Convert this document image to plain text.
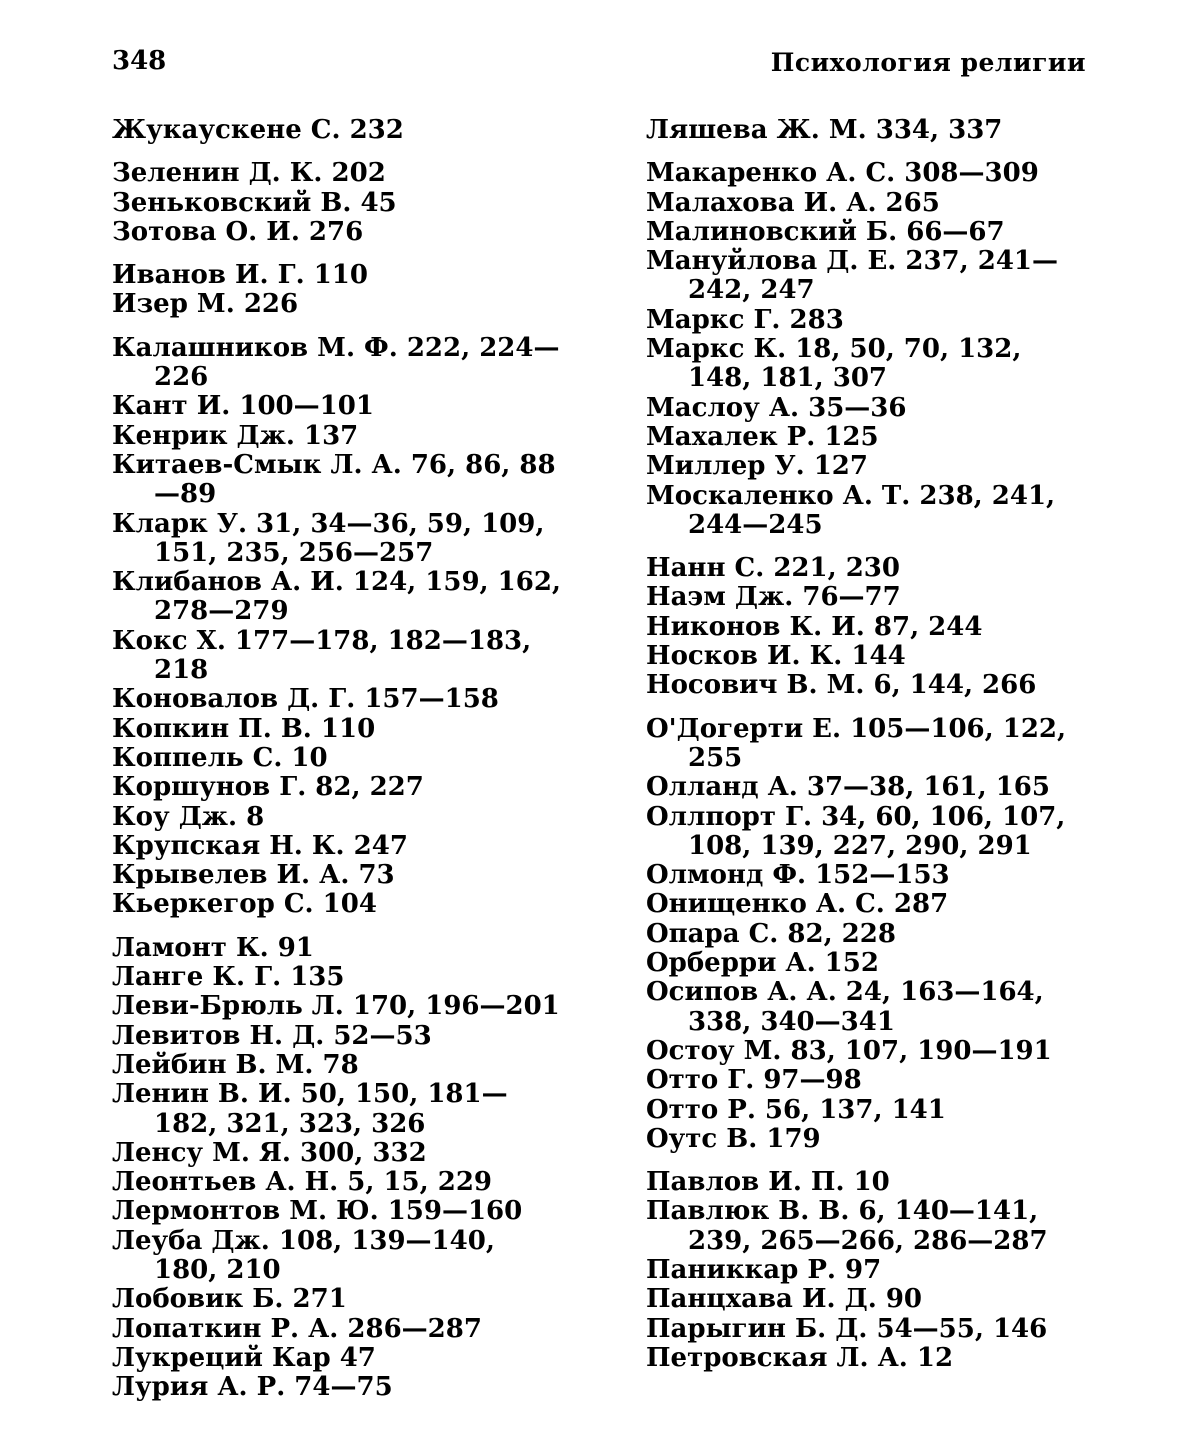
348	Психология религии
Жукаускене С. 232
Зеленин Д. К. 202
Зеньковский В. 45
Зотова О. И. 276
Иванов И. Г. 110
Изер М. 226
Калашников М. Ф. 222, 224—226
Кант И. 100—101
Кенрик Дж. 137
Китаев-Смык Л. А. 76, 86, 88—89
Кларк У. 31, 34—36, 59, 109, 151, 235, 256—257
Клибанов А. И. 124, 159, 162, 278—279
Кокс Х. 177—178, 182—183, 218
Коновалов Д. Г. 157—158
Копкин П. В. 110
Коппель С. 10
Коршунов Г. 82, 227
Коу Дж. 8
Крупская Н. К. 247
Крывелев И. А. 73
Кьеркегор С. 104
Ламонт К. 91
Ланге К. Г. 135
Леви-Брюль Л. 170, 196—201
Левитов Н. Д. 52—53
Лейбин В. М. 78
Ленин В. И. 50, 150, 181—182, 321, 323, 326
Ленсу М. Я. 300, 332
Леонтьев А. Н. 5, 15, 229
Лермонтов М. Ю. 159—160
Леуба Дж. 108, 139—140, 180, 210
Лобовик Б. 271
Лопаткин Р. А. 286—287
Лукреций Кар 47
Лурия А. Р. 74—75
Ляшева Ж. М. 334, 337
Макаренко А. С. 308—309
Малахова И. А. 265
Малиновский Б. 66—67
Мануйлова Д. Е. 237, 241—242, 247
Маркс Г. 283
Маркс К. 18, 50, 70, 132, 148, 181, 307
Маслоу А. 35—36
Махалек Р. 125
Миллер У. 127
Москаленко А. Т. 238, 241, 244—245
Нанн С. 221, 230
Наэм Дж. 76—77
Никонов К. И. 87, 244
Носков И. К. 144
Носович В. М. 6, 144, 266
О'Догерти Е. 105—106, 122, 255
Олланд А. 37—38, 161, 165
Оллпорт Г. 34, 60, 106, 107, 108, 139, 227, 290, 291
Олмонд Ф. 152—153
Онищенко А. С. 287
Опара С. 82, 228
Орберри А. 152
Осипов А. А. 24, 163—164, 338, 340—341
Остоу М. 83, 107, 190—191
Отто Г. 97—98
Отто Р. 56, 137, 141
Оутс В. 179
Павлов И. П. 10
Павлюк В. В. 6, 140—141, 239, 265—266, 286—287
Паниккар Р. 97
Панцхава И. Д. 90
Парыгин Б. Д. 54—55, 146
Петровская Л. А. 12
